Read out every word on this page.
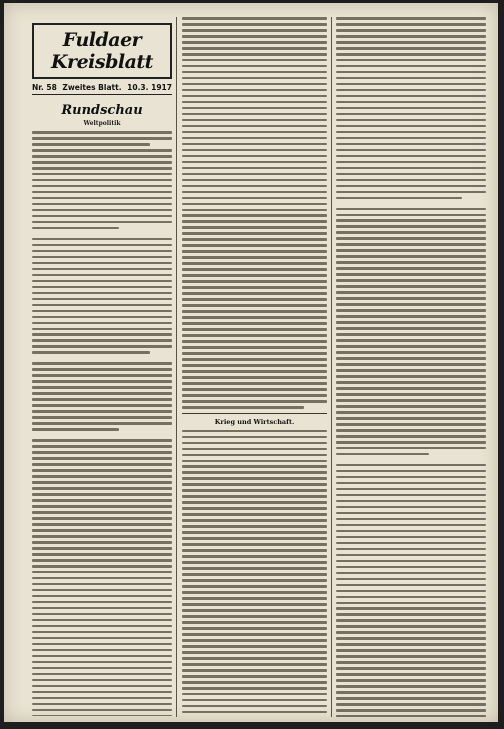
Fuldaer Kreisblatt
Nr. 58 Zweites Blatt. 10.3. 1917
Rundschau
Weltpolitik
Krieg und Wirtschaft.
